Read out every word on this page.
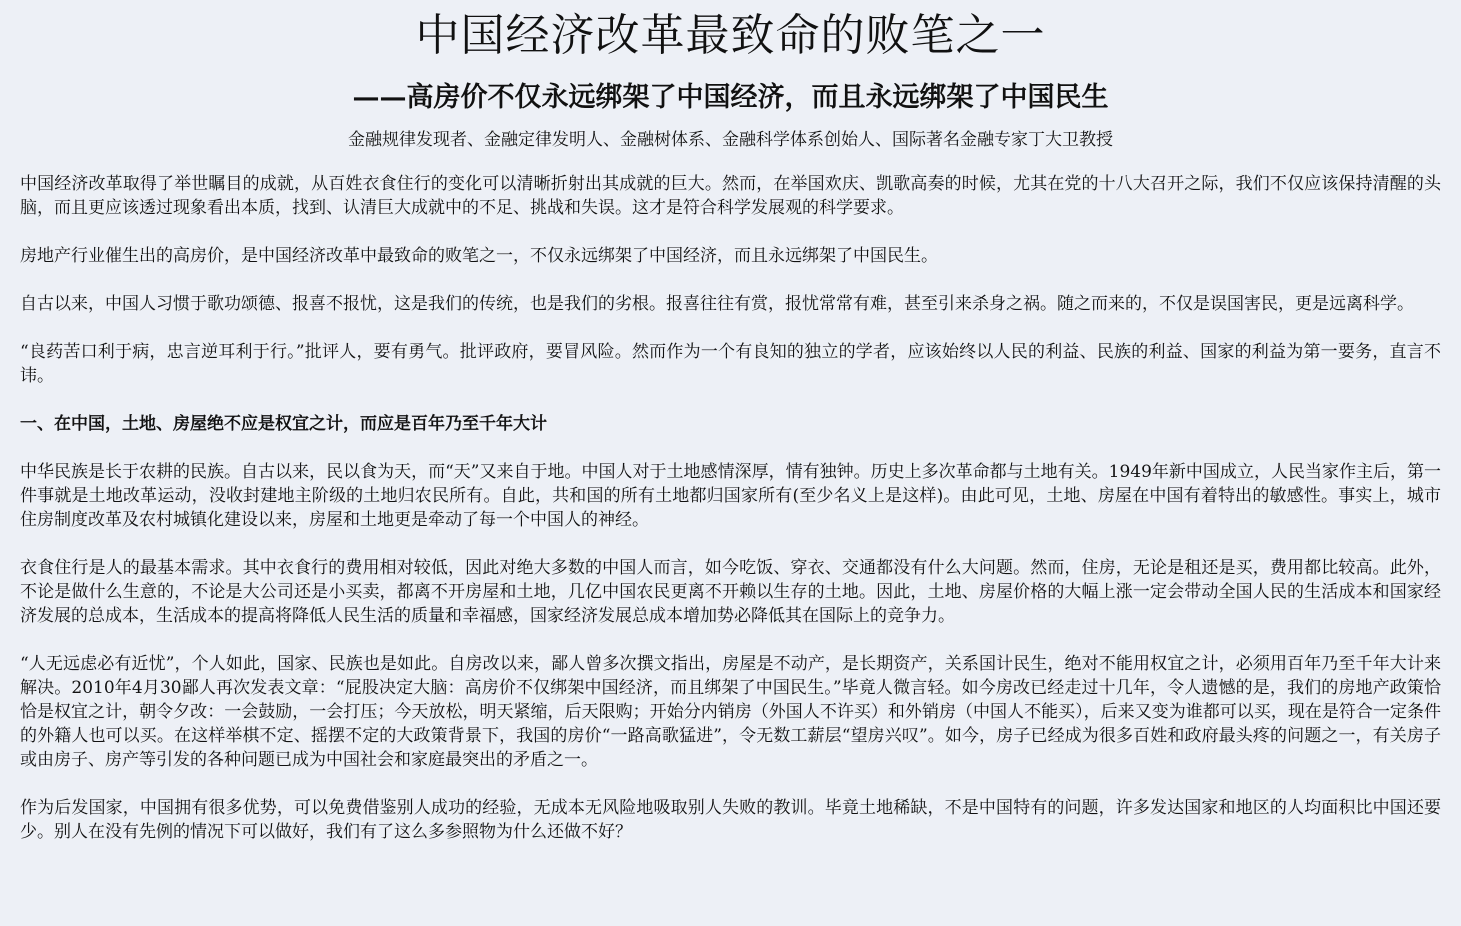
中国经济改革最致命的败笔之一
——高房价不仅永远绑架了中国经济，而且永远绑架了中国民生

金融规律发现者、金融定律发明人、金融树体系、金融科学体系创始人、国际著名金融专家丁大卫教授

中国经济改革取得了举世瞩目的成就，从百姓衣食住行的变化可以清晰折射出其成就的巨大。然而，在举国欢庆、凯歌高奏的时候，尤其在党的十八大召开之际，我们不仅应该保持清醒的头脑，而且更应该透过现象看出本质，找到、认清巨大成就中的不足、挑战和失误。这才是符合科学发展观的科学要求。

房地产行业催生出的高房价，是中国经济改革中最致命的败笔之一，不仅永远绑架了中国经济，而且永远绑架了中国民生。

自古以来，中国人习惯于歌功颂德、报喜不报忧，这是我们的传统，也是我们的劣根。报喜往往有赏，报忧常常有难，甚至引来杀身之祸。随之而来的，不仅是误国害民，更是远离科学。

“良药苦口利于病，忠言逆耳利于行。”批评人，要有勇气。批评政府，要冒风险。然而作为一个有良知的独立的学者，应该始终以人民的利益、民族的利益、国家的利益为第一要务，直言不讳。

一、在中国，土地、房屋绝不应是权宜之计，而应是百年乃至千年大计

中华民族是长于农耕的民族。自古以来，民以食为天，而“天”又来自于地。中国人对于土地感情深厚，情有独钟。历史上多次革命都与土地有关。1949年新中国成立，人民当家作主后，第一件事就是土地改革运动，没收封建地主阶级的土地归农民所有。自此，共和国的所有土地都归国家所有(至少名义上是这样)。由此可见，土地、房屋在中国有着特出的敏感性。事实上，城市住房制度改革及农村城镇化建设以来，房屋和土地更是牵动了每一个中国人的神经。

衣食住行是人的最基本需求。其中衣食行的费用相对较低，因此对绝大多数的中国人而言，如今吃饭、穿衣、交通都没有什么大问题。然而，住房，无论是租还是买，费用都比较高。此外，不论是做什么生意的，不论是大公司还是小买卖，都离不开房屋和土地，几亿中国农民更离不开赖以生存的土地。因此，土地、房屋价格的大幅上涨一定会带动全国人民的生活成本和国家经济发展的总成本，生活成本的提高将降低人民生活的质量和幸福感，国家经济发展总成本增加势必降低其在国际上的竞争力。

“人无远虑必有近忧”，个人如此，国家、民族也是如此。自房改以来，鄙人曾多次撰文指出，房屋是不动产，是长期资产，关系国计民生，绝对不能用权宜之计，必须用百年乃至千年大计来解决。2010年4月30鄙人再次发表文章：“屁股决定大脑：高房价不仅绑架中国经济，而且绑架了中国民生。”毕竟人微言轻。如今房改已经走过十几年，令人遗憾的是，我们的房地产政策恰恰是权宜之计，朝令夕改：一会鼓励，一会打压；今天放松，明天紧缩，后天限购；开始分内销房（外国人不许买）和外销房（中国人不能买），后来又变为谁都可以买，现在是符合一定条件的外籍人也可以买。在这样举棋不定、摇摆不定的大政策背景下，我国的房价“一路高歌猛进”，令无数工薪层“望房兴叹”。如今，房子已经成为很多百姓和政府最头疼的问题之一，有关房子或由房子、房产等引发的各种问题已成为中国社会和家庭最突出的矛盾之一。

作为后发国家，中国拥有很多优势，可以免费借鉴别人成功的经验，无成本无风险地吸取别人失败的教训。毕竟土地稀缺，不是中国特有的问题，许多发达国家和地区的人均面积比中国还要少。别人在没有先例的情况下可以做好，我们有了这么多参照物为什么还做不好？
